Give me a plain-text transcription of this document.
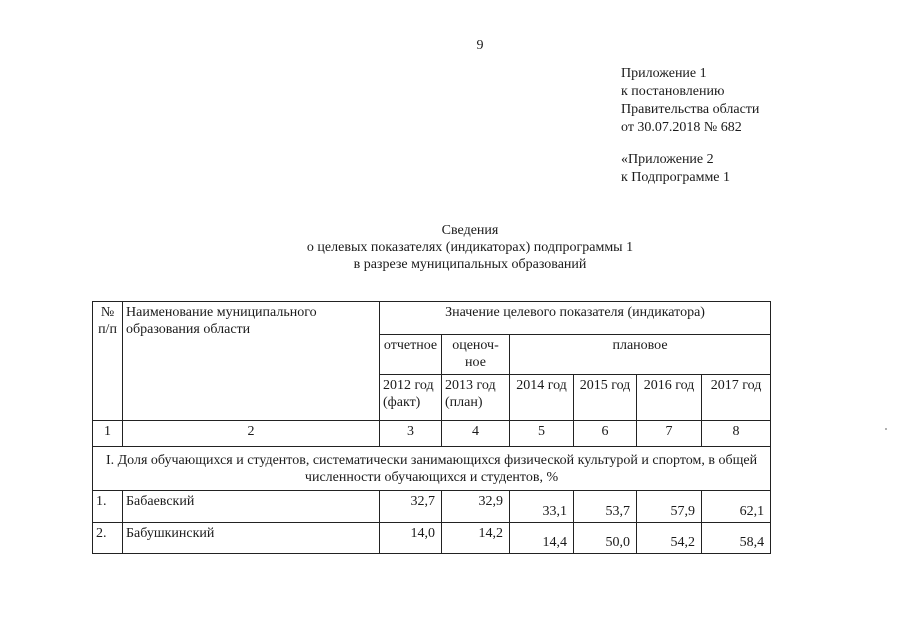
9
Приложение 1
к постановлению
Правительства области
от 30.07.2018 № 682
«Приложение 2
к Подпрограмме 1
Сведения
о целевых показателях (индикаторах) подпрограммы 1
в разрезе муниципальных образований
№ п/п	Наименование муниципального образования области	Значение целевого показателя (индикатора)					
		отчетное	оценоч-ное	плановое			
		2012 год (факт)	2013 год (план)	2014 год	2015 год	2016 год	2017 год
1	2	3	4	5	6	7	8
I. Доля обучающихся и студентов, систематически занимающихся физической культурой и спортом, в общей численности обучающихся и студентов, %							
1.	Бабаевский	32,7	32,9	33,1	53,7	57,9	62,1
2.	Бабушкинский	14,0	14,2	14,4	50,0	54,2	58,4
